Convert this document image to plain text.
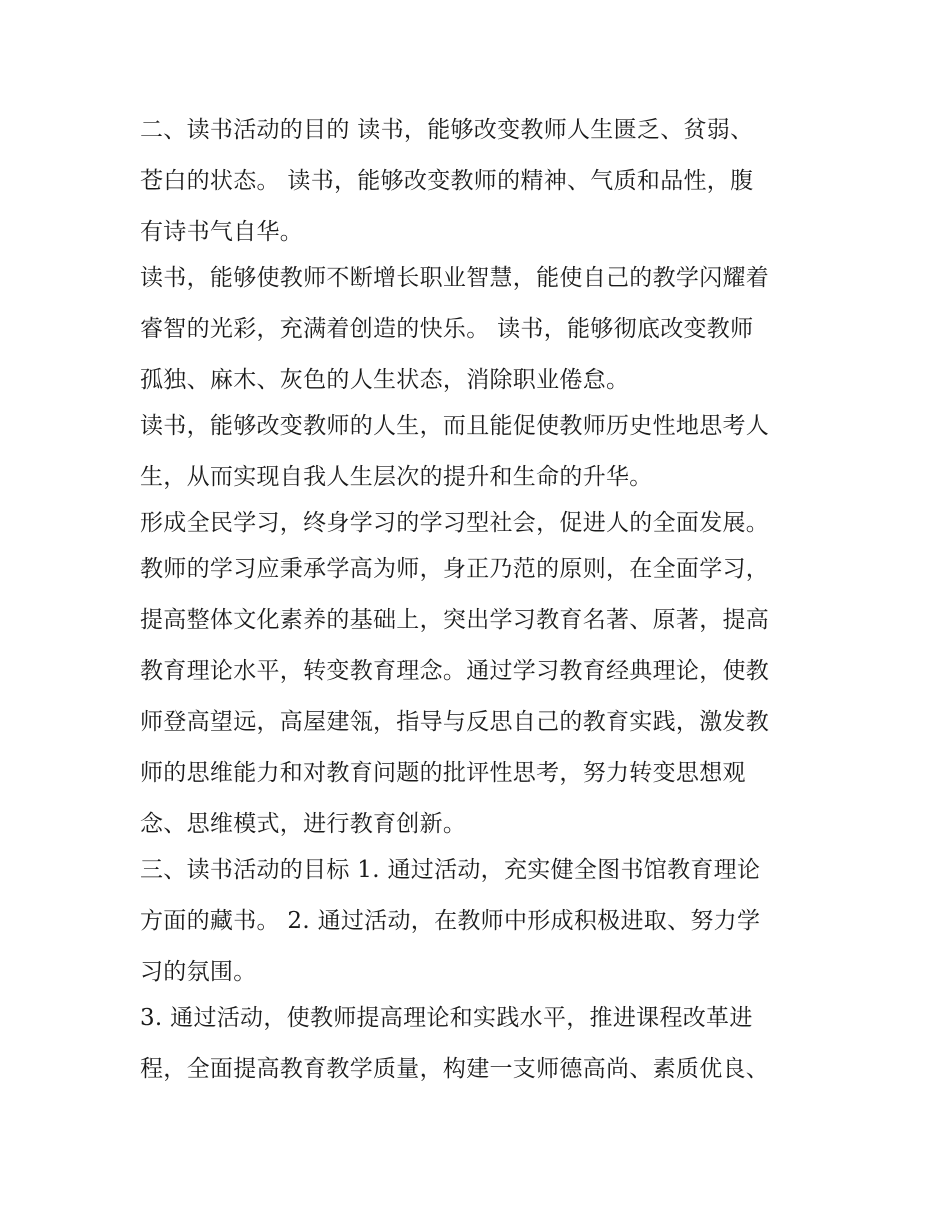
二、读书活动的目的 读书，能够改变教师人生匮乏、贫弱、
苍白的状态。 读书，能够改变教师的精神、气质和品性，腹
有诗书气自华。
读书，能够使教师不断增长职业智慧，能使自己的教学闪耀着
睿智的光彩，充满着创造的快乐。 读书，能够彻底改变教师
孤独、麻木、灰色的人生状态，消除职业倦怠。
读书，能够改变教师的人生，而且能促使教师历史性地思考人
生，从而实现自我人生层次的提升和生命的升华。
形成全民学习，终身学习的学习型社会，促进人的全面发展。
教师的学习应秉承学高为师，身正乃范的原则，在全面学习，
提高整体文化素养的基础上，突出学习教育名著、原著，提高
教育理论水平，转变教育理念。通过学习教育经典理论，使教
师登高望远，高屋建瓴，指导与反思自己的教育实践，激发教
师的思维能力和对教育问题的批评性思考，努力转变思想观
念、思维模式，进行教育创新。
三、读书活动的目标 1. 通过活动，充实健全图书馆教育理论
方面的藏书。 2. 通过活动，在教师中形成积极进取、努力学
习的氛围。
3. 通过活动，使教师提高理论和实践水平，推进课程改革进
程，全面提高教育教学质量，构建一支师德高尚、素质优良、
